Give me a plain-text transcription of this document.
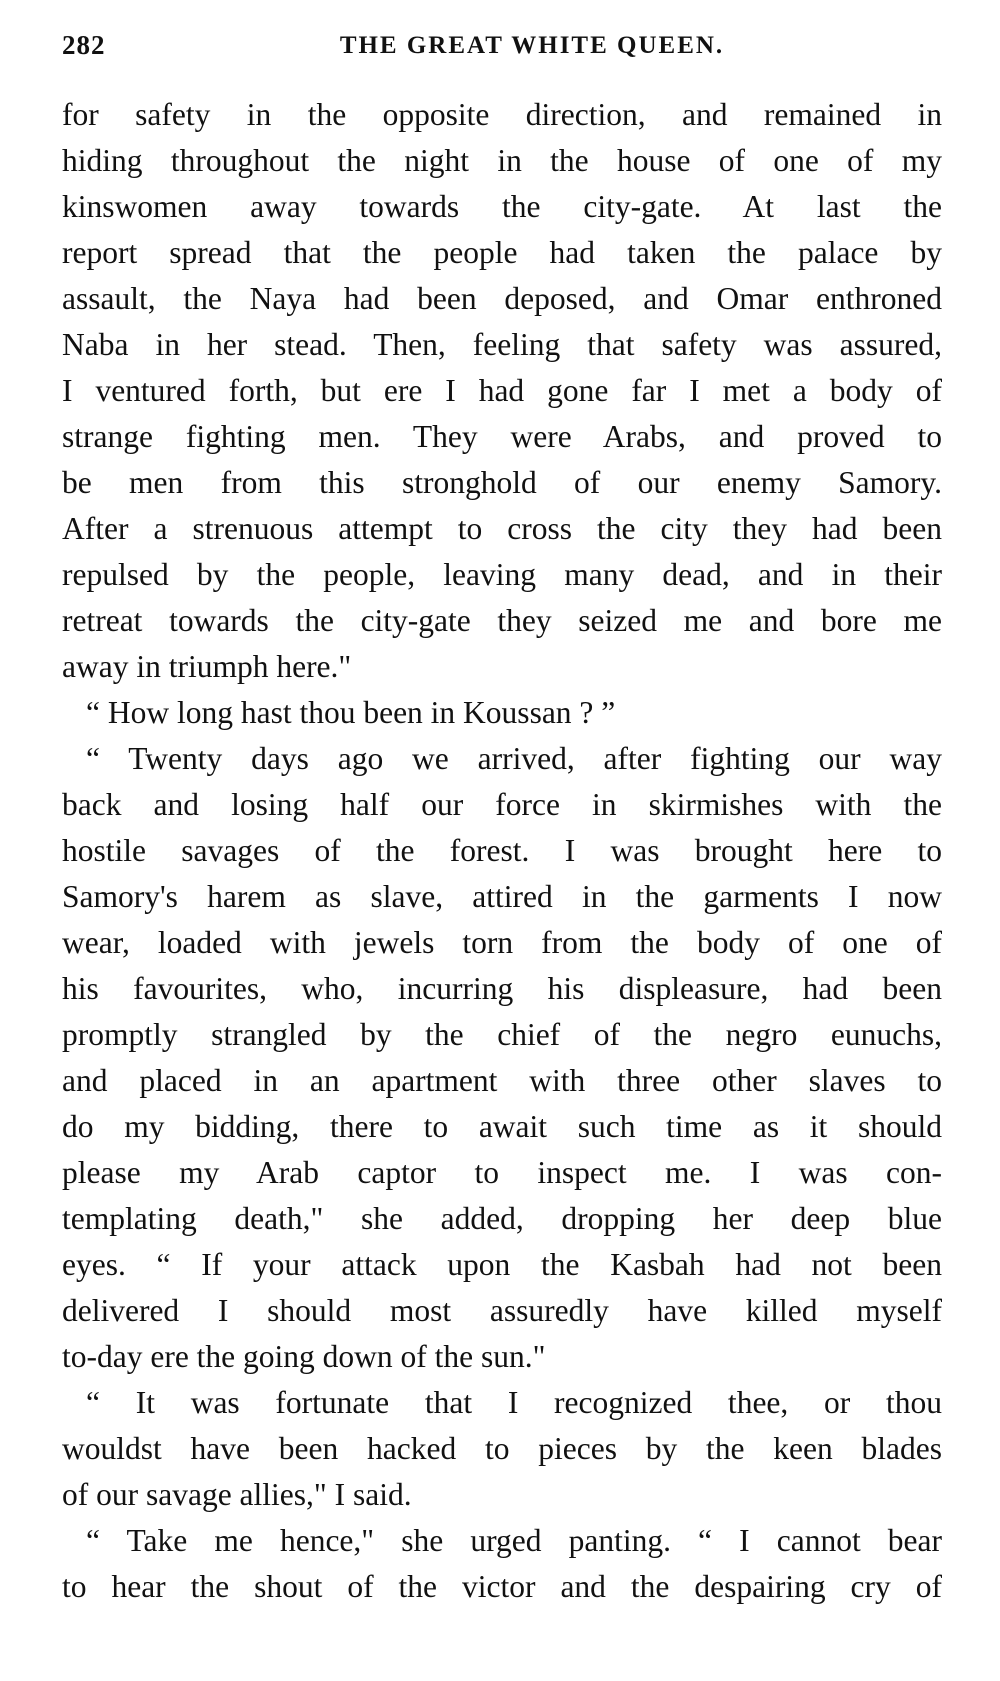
282	THE GREAT WHITE QUEEN.
for safety in the opposite direction, and remained in
hiding throughout the night in the house of one of my
kinswomen away towards the city-gate. At last the
report spread that the people had taken the palace by
assault, the Naya had been deposed, and Omar enthroned
Naba in her stead. Then, feeling that safety was assured,
I ventured forth, but ere I had gone far I met a body of
strange fighting men. They were Arabs, and proved to
be men from this stronghold of our enemy Samory.
After a strenuous attempt to cross the city they had been
repulsed by the people, leaving many dead, and in their
retreat towards the city-gate they seized me and bore me
away in triumph here."
“ How long hast thou been in Koussan ? ”
“ Twenty days ago we arrived, after fighting our way
back and losing half our force in skirmishes with the
hostile savages of the forest. I was brought here to
Samory's harem as slave, attired in the garments I now
wear, loaded with jewels torn from the body of one of
his favourites, who, incurring his displeasure, had been
promptly strangled by the chief of the negro eunuchs,
and placed in an apartment with three other slaves to
do my bidding, there to await such time as it should
please my Arab captor to inspect me. I was con-
templating death," she added, dropping her deep blue
eyes. “ If your attack upon the Kasbah had not been
delivered I should most assuredly have killed myself
to-day ere the going down of the sun."
“ It was fortunate that I recognized thee, or thou
wouldst have been hacked to pieces by the keen blades
of our savage allies," I said.
“ Take me hence," she urged panting. “ I cannot bear
to hear the shout of the victor and the despairing cry of
